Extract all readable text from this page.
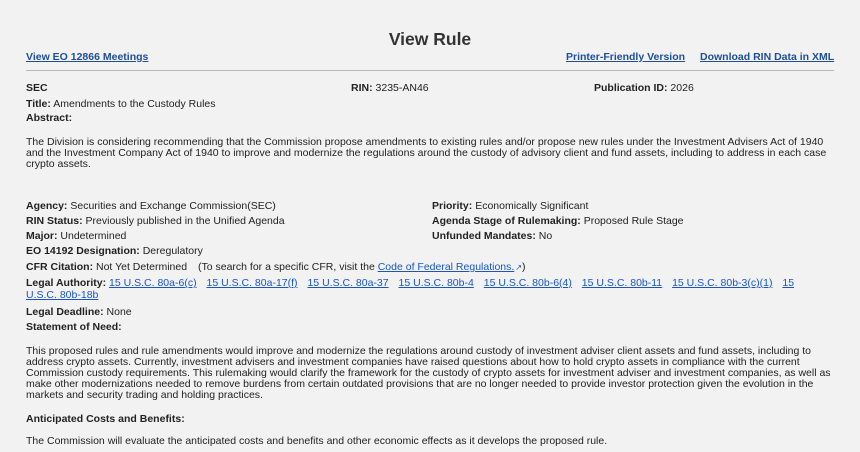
View Rule
View EO 12866 Meetings	Printer-Friendly Version Download RIN Data in XML
SEC	RIN: 3235-AN46	Publication ID: 2026
Title: Amendments to the Custody Rules
Abstract:
The Division is considering recommending that the Commission propose amendments to existing rules and/or propose new rules under the Investment Advisers Act of 1940 and the Investment Company Act of 1940 to improve and modernize the regulations around the custody of advisory client and fund assets, including to address in each case crypto assets.
Agency: Securities and Exchange Commission(SEC)	Priority: Economically Significant
RIN Status: Previously published in the Unified Agenda	Agenda Stage of Rulemaking: Proposed Rule Stage
Major: Undetermined	Unfunded Mandates: No
EO 14192 Designation: Deregulatory
CFR Citation: Not Yet Determined (To search for a specific CFR, visit the Code of Federal Regulations.↗︎)
Legal Authority: 15 U.S.C. 80a-6(c) 15 U.S.C. 80a-17(f) 15 U.S.C. 80a-37 15 U.S.C. 80b-4 15 U.S.C. 80b-6(4) 15 U.S.C. 80b-11 15 U.S.C. 80b-3(c)(1) 15
U.S.C. 80b-18b
Legal Deadline: None
Statement of Need:
This proposed rules and rule amendments would improve and modernize the regulations around custody of investment adviser client assets and fund assets, including to address crypto assets. Currently, investment advisers and investment companies have raised questions about how to hold crypto assets in compliance with the current Commission custody requirements. This rulemaking would clarify the framework for the custody of crypto assets for investment adviser and investment companies, as well as make other modernizations needed to remove burdens from certain outdated provisions that are no longer needed to provide investor protection given the evolution in the markets and security trading and holding practices.
Anticipated Costs and Benefits:
The Commission will evaluate the anticipated costs and benefits and other economic effects as it develops the proposed rule.
